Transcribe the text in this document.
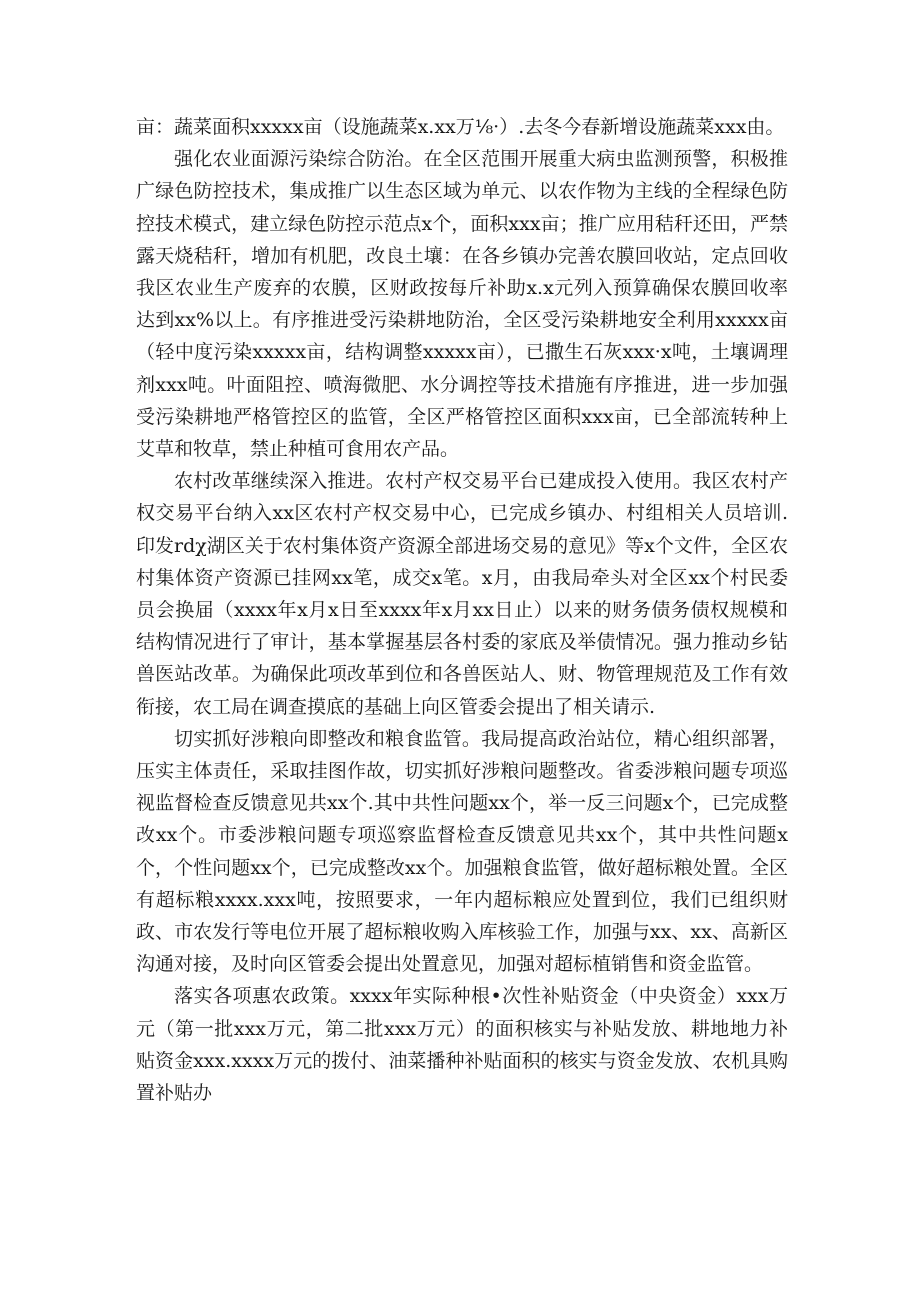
亩：蔬菜面积xxxxx亩（设施蔬菜x.xx万⅛·）.去冬今春新增设施蔬菜xxx由。

强化农业面源污染综合防治。在全区范围开展重大病虫监测预警，积极推广绿色防控技术，集成推广以生态区域为单元、以农作物为主线的全程绿色防控技术模式，建立绿色防控示范点x个，面积xxx亩；推广应用秸秆还田，严禁露天烧秸秆，增加有机肥，改良土壤：在各乡镇办完善农膜回收站，定点回收我区农业生产废弃的农膜，区财政按每斤补助x.x元列入预算确保农膜回收率达到xx%以上。有序推进受污染耕地防治，全区受污染耕地安全利用xxxxx亩（轻中度污染xxxxx亩，结构调整xxxxx亩），已撒生石灰xxx·x吨，土壤调理剂xxx吨。叶面阻控、喷海微肥、水分调控等技术措施有序推进，进一步加强受污染耕地严格管控区的监管，全区严格管控区面积xxx亩，已全部流转种上艾草和牧草，禁止种植可食用农产品。

农村改革继续深入推进。农村产权交易平台已建成投入使用。我区农村产权交易平台纳入xx区农村产权交易中心，已完成乡镇办、村组相关人员培训.印发rdχ湖区关于农村集体资产资源全部进场交易的意见》等x个文件，全区农村集体资产资源已挂网xx笔，成交x笔。x月，由我局牵头对全区xx个村民委员会换届（xxxx年x月x日至xxxx年x月xx日止）以来的财务债务债权规模和结构情况进行了审计，基本掌握基层各村委的家底及举债情况。强力推动乡钻兽医站改革。为确保此项改革到位和各兽医站人、财、物管理规范及工作有效衔接，农工局在调查摸底的基础上向区管委会提出了相关请示.

切实抓好涉粮向即整改和粮食监管。我局提高政治站位，精心组织部署，压实主体责任，采取挂图作故，切实抓好涉粮问题整改。省委涉粮问题专项巡视监督检查反馈意见共xx个.其中共性问题xx个，举一反三问题x个，已完成整改xx个。市委涉粮问题专项巡察监督检查反馈意见共xx个，其中共性问题x个，个性问题xx个，已完成整改xx个。加强粮食监管，做好超标粮处置。全区有超标粮xxxx.xxx吨，按照要求，一年内超标粮应处置到位，我们已组织财政、市农发行等电位开展了超标粮收购入库核验工作，加强与xx、xx、高新区沟通对接，及时向区管委会提出处置意见，加强对超标植销售和资金监管。

落实各项惠农政策。xxxx年实际种根•次性补贴资金（中央资金）xxx万元（第一批xxx万元，第二批xxx万元）的面积核实与补贴发放、耕地地力补贴资金xxx.xxxx万元的拨付、油菜播种补贴面积的核实与资金发放、农机具购置补贴办
